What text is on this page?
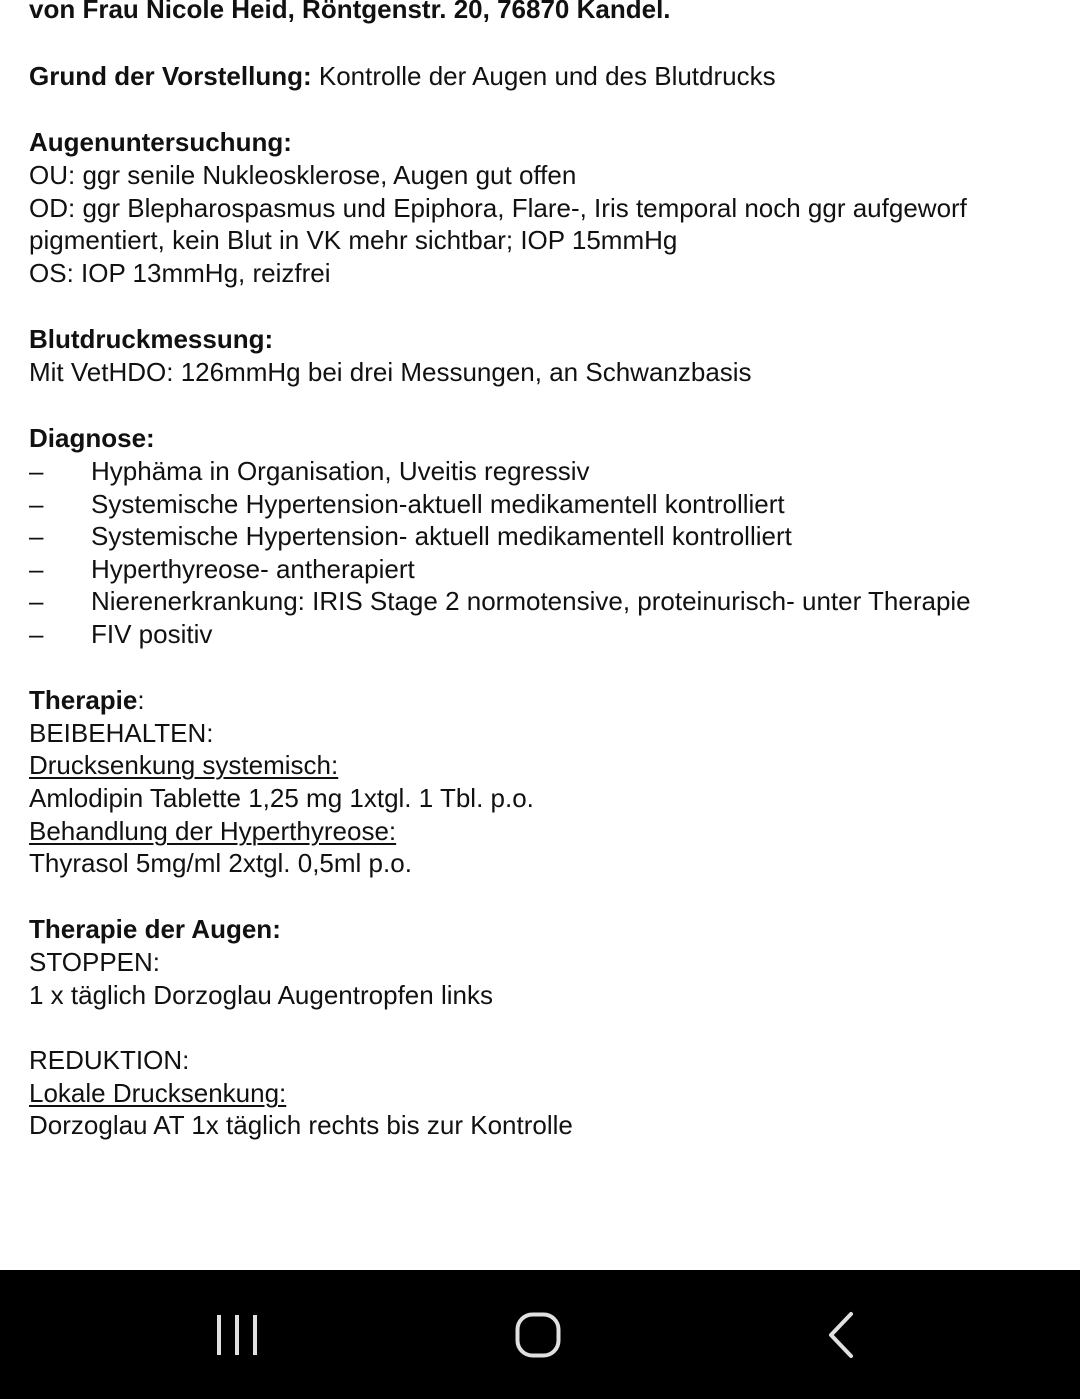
von Frau Nicole Heid, Röntgenstr. 20, 76870 Kandel.
Grund der Vorstellung: Kontrolle der Augen und des Blutdrucks
Augenuntersuchung:
OU: ggr senile Nukleosklerose, Augen gut offen
OD: ggr Blepharospasmus und Epiphora, Flare-, Iris temporal noch ggr aufgeworf
pigmentiert, kein Blut in VK mehr sichtbar; IOP 15mmHg
OS: IOP 13mmHg, reizfrei
Blutdruckmessung:
Mit VetHDO: 126mmHg bei drei Messungen, an Schwanzbasis
Diagnose:
– Hyphäma in Organisation, Uveitis regressiv
– Systemische Hypertension-aktuell medikamentell kontrolliert
– Systemische Hypertension- aktuell medikamentell kontrolliert
– Hyperthyreose- antherapiert
– Nierenerkrankung: IRIS Stage 2 normotensive, proteinurisch- unter Therapie
– FIV positiv
Therapie:
BEIBEHALTEN:
Drucksenkung systemisch:
Amlodipin Tablette 1,25 mg 1xtgl. 1 Tbl. p.o.
Behandlung der Hyperthyreose:
Thyrasol 5mg/ml 2xtgl. 0,5ml p.o.
Therapie der Augen:
STOPPEN:
1 x täglich Dorzoglau Augentropfen links
REDUKTION:
Lokale Drucksenkung:
Dorzoglau AT 1x täglich rechts bis zur Kontrolle
